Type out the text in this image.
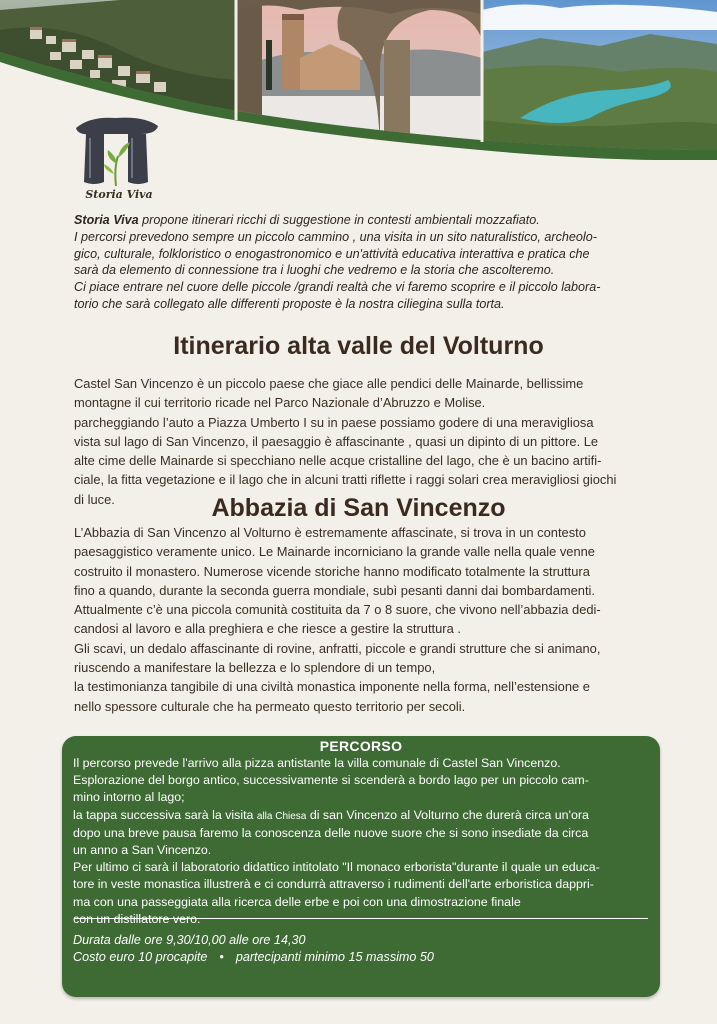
Storia Viva

Storia Viva propone itinerari ricchi di suggestione in contesti ambientali mozzafiato.

I percorsi prevedono sempre un piccolo cammino , una visita in un sito naturalistico, archeolo-

gico, culturale, folkloristico o enogastronomico e un'attività educativa interattiva e pratica che

sarà da elemento di connessione tra i luoghi che vedremo e la storia che ascolteremo.

Ci piace entrare nel cuore delle piccole /grandi realtà che vi faremo scoprire e il piccolo labora-

torio che sarà collegato alle differenti proposte è la nostra ciliegina sulla torta.

Itinerario alta valle del Volturno

Castel San Vincenzo è un piccolo paese che giace alle pendici delle Mainarde, bellissime

montagne il cui territorio ricade nel Parco Nazionale d’Abruzzo e Molise.

parcheggiando l’auto a Piazza Umberto I su in paese possiamo godere di una meravigliosa

vista sul lago di San Vincenzo, il paesaggio è affascinante , quasi un dipinto di un pittore. Le

alte cime delle Mainarde si specchiano nelle acque cristalline del lago, che è un bacino artifi-

ciale, la fitta vegetazione e il lago che in alcuni tratti riflette i raggi solari crea meravigliosi giochi

di luce.	Abbazia di San Vincenzo

L’Abbazia di San Vincenzo al Volturno è estremamente affascinate, si trova in un contesto

paesaggistico veramente unico. Le Mainarde incorniciano la grande valle nella quale venne

costruito il monastero. Numerose vicende storiche hanno modificato totalmente la struttura

fino a quando, durante la seconda guerra mondiale, subì pesanti danni dai bombardamenti.

Attualmente c’è una piccola comunità costituita da 7 o 8 suore, che vivono nell’abbazia dedi-

candosi al lavoro e alla preghiera e che riesce a gestire la struttura .

Gli scavi, un dedalo affascinante di rovine, anfratti, piccole e grandi strutture che si animano,

riuscendo a manifestare la bellezza e lo splendore di un tempo,

la testimonianza tangibile di una civiltà monastica imponente nella forma, nell’estensione e

nello spessore culturale che ha permeato questo territorio per secoli.

PERCORSO

Il percorso prevede l'arrivo alla pizza antistante la villa comunale di Castel San Vincenzo.

Esplorazione del borgo antico, successivamente si scenderà a bordo lago per un piccolo cam-

mino intorno al lago;

la tappa successiva sarà la visita alla Chiesa di san Vincenzo al Volturno che durerà circa un'ora

dopo una breve pausa faremo la conoscenza delle nuove suore che si sono insediate da circa

un anno a San Vincenzo.

Per ultimo ci sarà il laboratorio didattico intitolato "Il monaco erborista"durante il quale un educa-

tore in veste monastica illustrerà e ci condurrà attraverso i rudimenti dell'arte erboristica dappri-

ma con una passeggiata alla ricerca delle erbe e poi con una dimostrazione finale

con un distillatore vero.

Durata dalle ore 9,30/10,00 alle ore 14,30

Costo euro 10 procapite • partecipanti minimo 15 massimo 50
